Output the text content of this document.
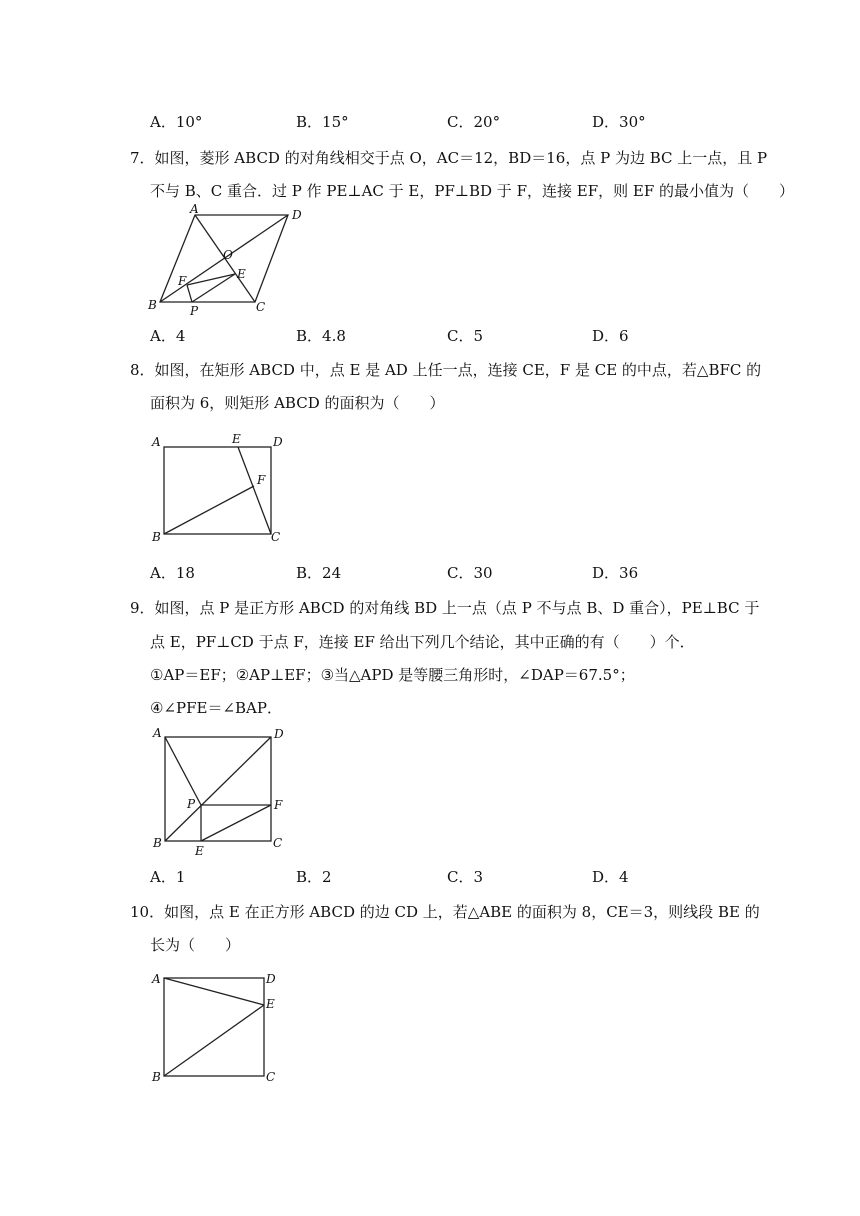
A．10°	B．15°	C．20°	D．30°
7．如图，菱形 ABCD 的对角线相交于点 O，AC＝12，BD＝16，点 P 为边 BC 上一点，且 P
不与 B、C 重合．过 P 作 PE⊥AC 于 E，PF⊥BD 于 F，连接 EF，则 EF 的最小值为（　　）
A	D
O
E
F
B	P	C
A．4	B．4.8	C．5	D．6
8．如图，在矩形 ABCD 中，点 E 是 AD 上任一点，连接 CE，F 是 CE 的中点，若△BFC 的
面积为 6，则矩形 ABCD 的面积为（　　）
A	E	D
F
B	C
A．18	B．24	C．30	D．36
9．如图，点 P 是正方形 ABCD 的对角线 BD 上一点（点 P 不与点 B、D 重合），PE⊥BC 于
点 E，PF⊥CD 于点 F，连接 EF 给出下列几个结论，其中正确的有（　　）个．
①AP＝EF；②AP⊥EF；③当△APD 是等腰三角形时，∠DAP＝67.5°；
④∠PFE＝∠BAP．
A	D
P	F
B
E
C
A．1	B．2	C．3	D．4
10．如图，点 E 在正方形 ABCD 的边 CD 上，若△ABE 的面积为 8，CE＝3，则线段 BE 的
长为（　　）
A	D
E
B	C
